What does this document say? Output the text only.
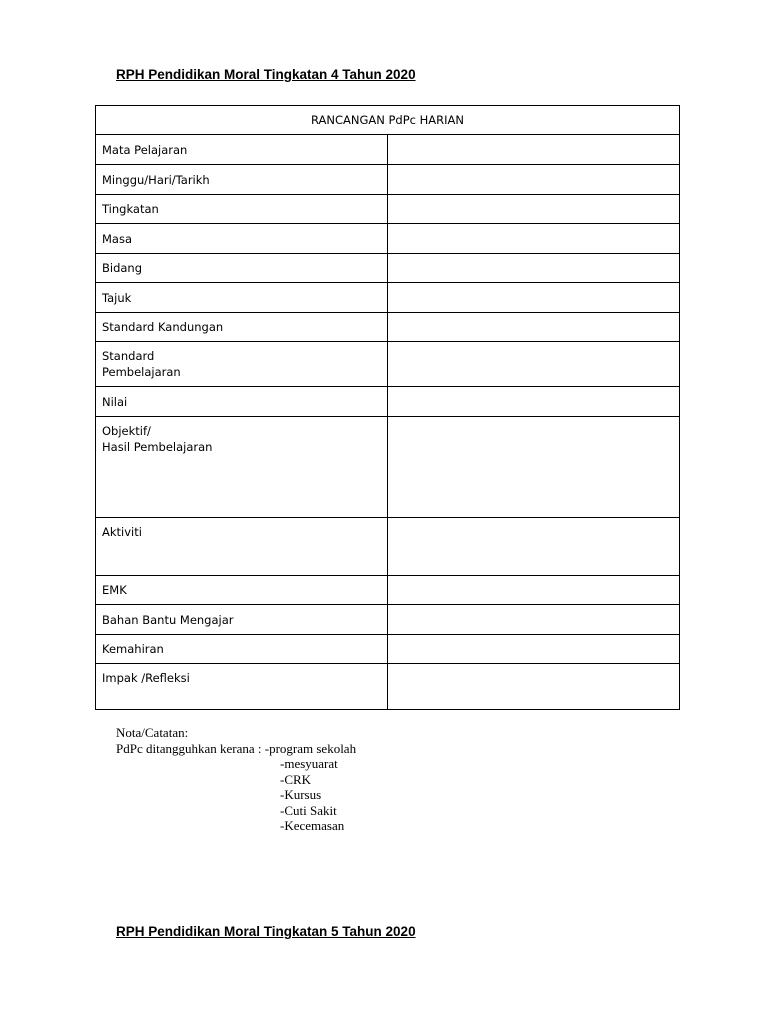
RPH Pendidikan Moral Tingkatan 4 Tahun 2020
RANCANGAN PdPc HARIAN	
Mata Pelajaran	
Minggu/Hari/Tarikh	
Tingkatan	
Masa	
Bidang	
Tajuk	
Standard Kandungan	

Standard
Pembelajaran	

Nilai	

Objektif/
Hasil Pembelajaran	

Aktiviti	
EMK	
Bahan Bantu Mengajar	
Kemahiran	
Impak /Refleksi	
Nota/Catatan:
PdPc ditangguhkan kerana : -program sekolah
-mesyuarat
-CRK
-Kursus
-Cuti Sakit
-Kecemasan
RPH Pendidikan Moral Tingkatan 5 Tahun 2020
